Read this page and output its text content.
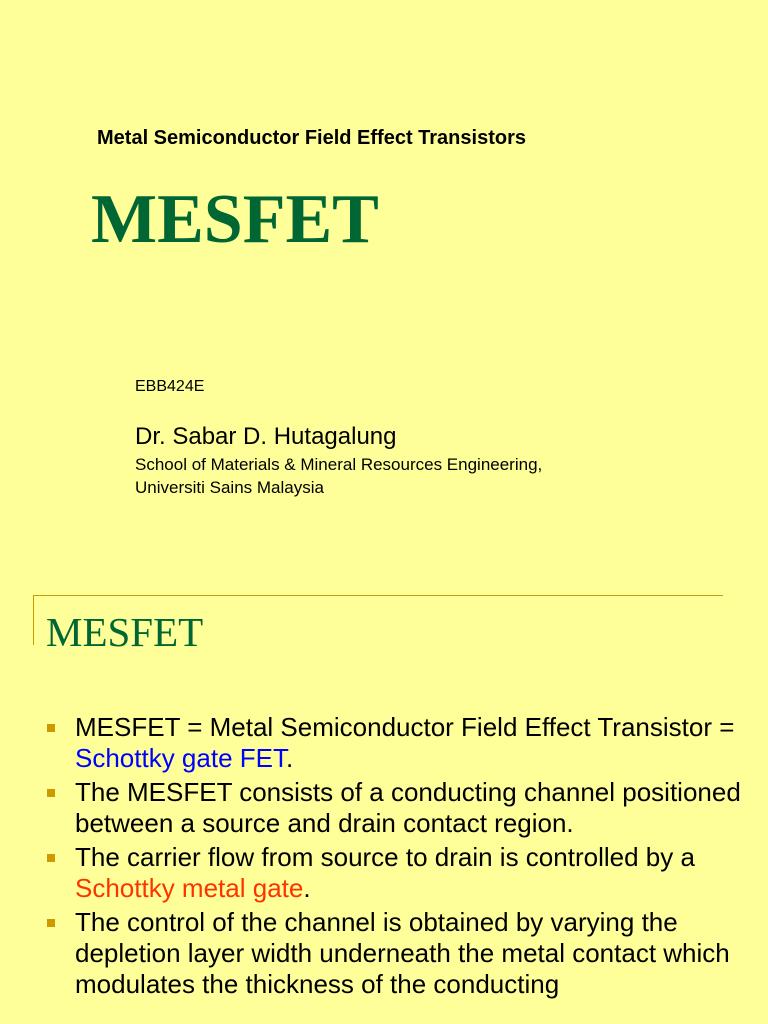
Metal Semiconductor Field Effect Transistors
MESFET
EBB424E
Dr. Sabar D. Hutagalung
School of Materials & Mineral Resources Engineering,
Universiti Sains Malaysia
MESFET
MESFET = Metal Semiconductor Field Effect Transistor = Schottky gate FET.
The MESFET consists of a conducting channel positioned between a source and drain contact region.
The carrier flow from source to drain is controlled by a Schottky metal gate.
The control of the channel is obtained by varying the depletion layer width underneath the metal contact which modulates the thickness of the conducting
